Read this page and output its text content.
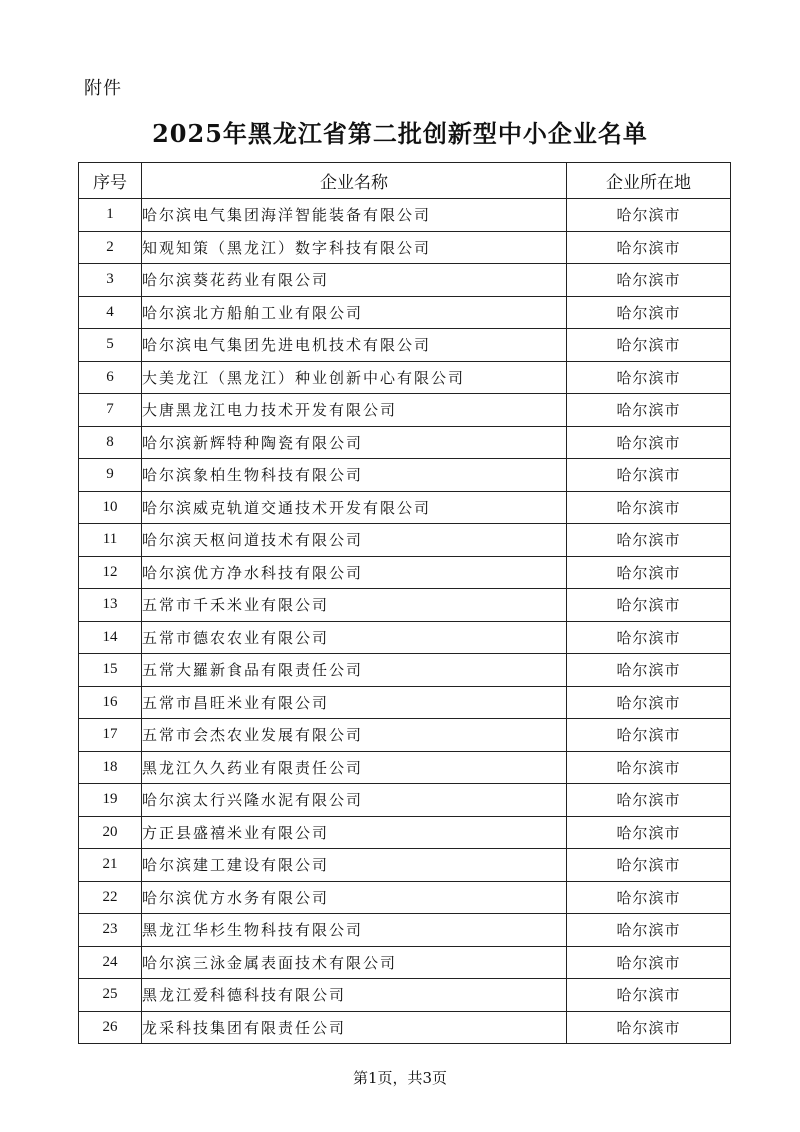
附件
2025年黑龙江省第二批创新型中小企业名单
序号	企业名称	企业所在地
1	哈尔滨电气集团海洋智能装备有限公司	哈尔滨市
2	知观知策（黑龙江）数字科技有限公司	哈尔滨市
3	哈尔滨葵花药业有限公司	哈尔滨市
4	哈尔滨北方船舶工业有限公司	哈尔滨市
5	哈尔滨电气集团先进电机技术有限公司	哈尔滨市
6	大美龙江（黑龙江）种业创新中心有限公司	哈尔滨市
7	大唐黑龙江电力技术开发有限公司	哈尔滨市
8	哈尔滨新辉特种陶瓷有限公司	哈尔滨市
9	哈尔滨象柏生物科技有限公司	哈尔滨市
10	哈尔滨威克轨道交通技术开发有限公司	哈尔滨市
11	哈尔滨天枢问道技术有限公司	哈尔滨市
12	哈尔滨优方净水科技有限公司	哈尔滨市
13	五常市千禾米业有限公司	哈尔滨市
14	五常市德农农业有限公司	哈尔滨市
15	五常大羅新食品有限责任公司	哈尔滨市
16	五常市昌旺米业有限公司	哈尔滨市
17	五常市会杰农业发展有限公司	哈尔滨市
18	黑龙江久久药业有限责任公司	哈尔滨市
19	哈尔滨太行兴隆水泥有限公司	哈尔滨市
20	方正县盛禧米业有限公司	哈尔滨市
21	哈尔滨建工建设有限公司	哈尔滨市
22	哈尔滨优方水务有限公司	哈尔滨市
23	黑龙江华杉生物科技有限公司	哈尔滨市
24	哈尔滨三泳金属表面技术有限公司	哈尔滨市
25	黑龙江爱科德科技有限公司	哈尔滨市
26	龙采科技集团有限责任公司	哈尔滨市
第1页，共3页
